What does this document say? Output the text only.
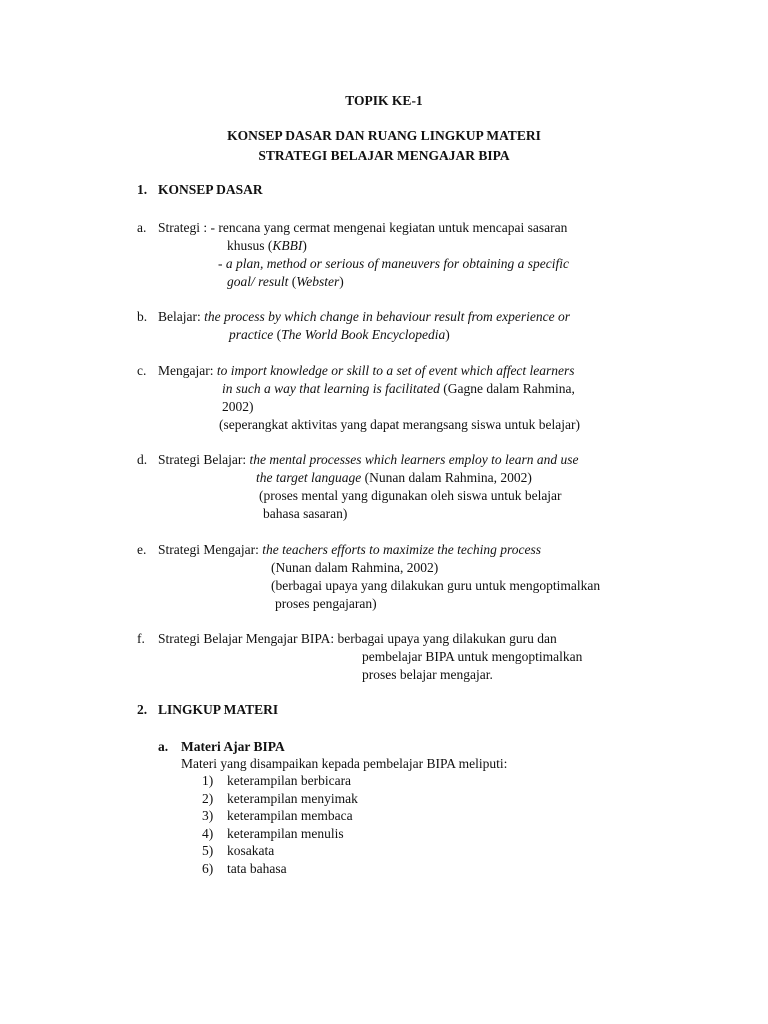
TOPIK KE-1
KONSEP DASAR DAN RUANG LINGKUP MATERI
STRATEGI BELAJAR MENGAJAR BIPA
1. KONSEP DASAR
a. Strategi : - rencana yang cermat mengenai kegiatan untuk mencapai sasaran
khusus (KBBI)
- a plan, method or serious of maneuvers for obtaining a specific
goal/ result (Webster)
b. Belajar: the process by which change in behaviour result from experience or
practice (The World Book Encyclopedia)
c. Mengajar: to import knowledge or skill to a set of event which affect learners
in such a way that learning is facilitated (Gagne dalam Rahmina,
2002)
(seperangkat aktivitas yang dapat merangsang siswa untuk belajar)
d. Strategi Belajar: the mental processes which learners employ to learn and use
the target language (Nunan dalam Rahmina, 2002)
(proses mental yang digunakan oleh siswa untuk belajar
bahasa sasaran)
e. Strategi Mengajar: the teachers efforts to maximize the teching process
(Nunan dalam Rahmina, 2002)
(berbagai upaya yang dilakukan guru untuk mengoptimalkan
proses pengajaran)
f. Strategi Belajar Mengajar BIPA: berbagai upaya yang dilakukan guru dan
pembelajar BIPA untuk mengoptimalkan
proses belajar mengajar.
2. LINGKUP MATERI
a. Materi Ajar BIPA
Materi yang disampaikan kepada pembelajar BIPA meliputi:
1) keterampilan berbicara
2) keterampilan menyimak
3) keterampilan membaca
4) keterampilan menulis
5) kosakata
6) tata bahasa
